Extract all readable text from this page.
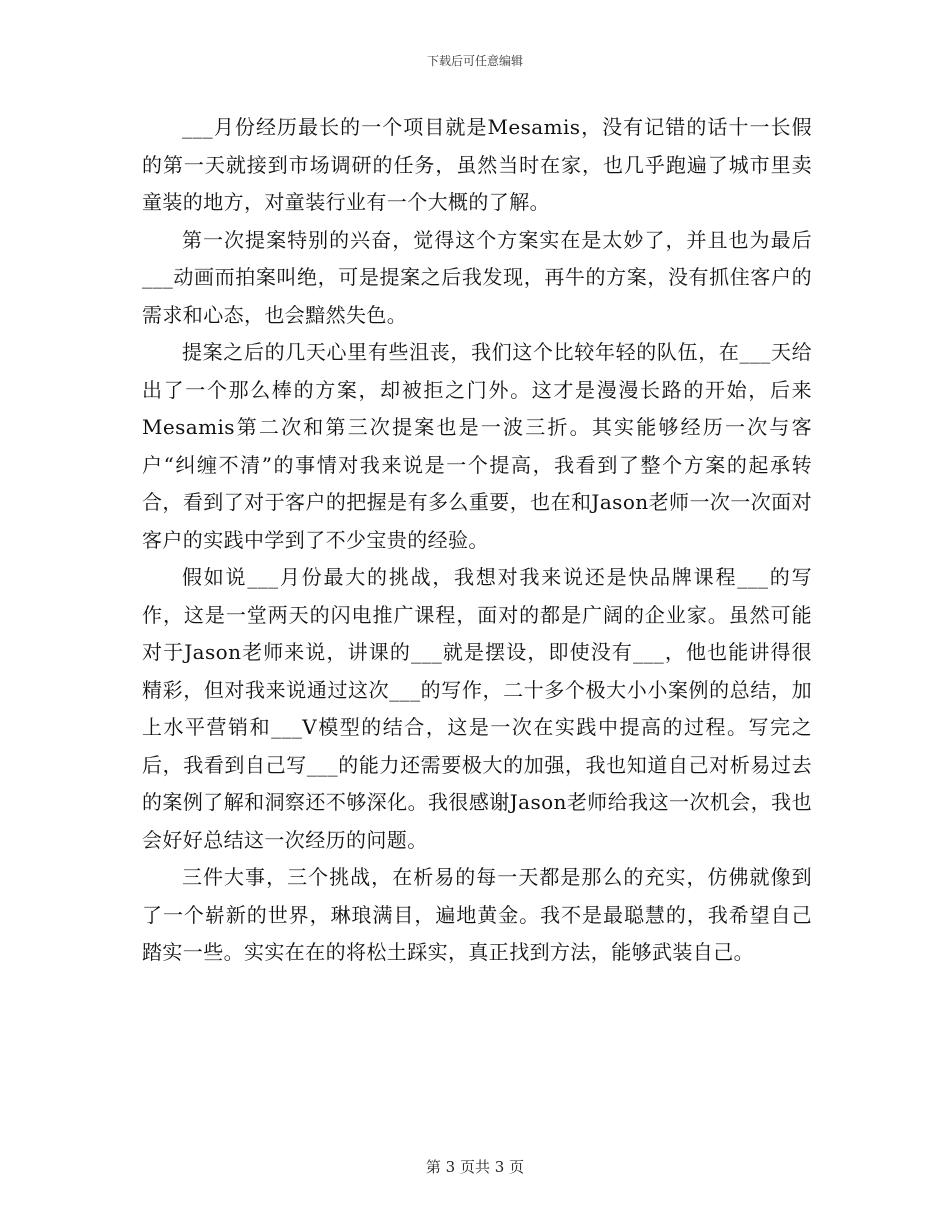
下载后可任意编辑

___月份经历最长的一个项目就是Mesamis，没有记错的话十一长假的第一天就接到市场调研的任务，虽然当时在家，也几乎跑遍了城市里卖童装的地方，对童装行业有一个大概的了解。

第一次提案特别的兴奋，觉得这个方案实在是太妙了，并且也为最后___动画而拍案叫绝，可是提案之后我发现，再牛的方案，没有抓住客户的需求和心态，也会黯然失色。

提案之后的几天心里有些沮丧，我们这个比较年轻的队伍，在___天给出了一个那么棒的方案，却被拒之门外。这才是漫漫长路的开始，后来Mesamis第二次和第三次提案也是一波三折。其实能够经历一次与客户“纠缠不清”的事情对我来说是一个提高，我看到了整个方案的起承转合，看到了对于客户的把握是有多么重要，也在和Jason老师一次一次面对客户的实践中学到了不少宝贵的经验。

假如说___月份最大的挑战，我想对我来说还是快品牌课程___的写作，这是一堂两天的闪电推广课程，面对的都是广阔的企业家。虽然可能对于Jason老师来说，讲课的___就是摆设，即使没有___，他也能讲得很精彩，但对我来说通过这次___的写作，二十多个极大小小案例的总结，加上水平营销和___V模型的结合，这是一次在实践中提高的过程。写完之后，我看到自己写___的能力还需要极大的加强，我也知道自己对析易过去的案例了解和洞察还不够深化。我很感谢Jason老师给我这一次机会，我也会好好总结这一次经历的问题。

三件大事，三个挑战，在析易的每一天都是那么的充实，仿佛就像到了一个崭新的世界，琳琅满目，遍地黄金。我不是最聪慧的，我希望自己踏实一些。实实在在的将松土踩实，真正找到方法，能够武装自己。

第 3 页共 3 页
